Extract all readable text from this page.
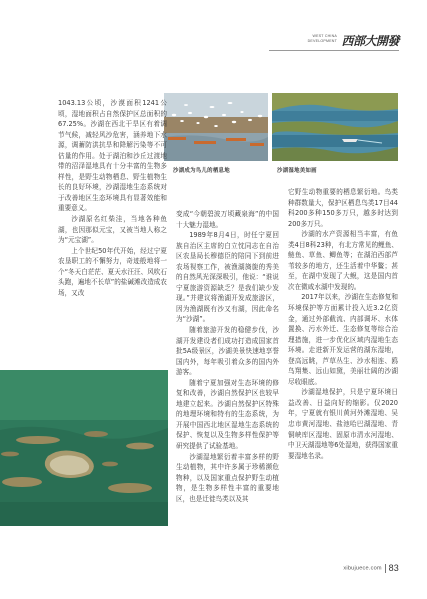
WEST CHINA
DEVELOPMENT 西部大開發
沙湖成为鸟儿的栖息地	沙湖湿地美如画

1043.13公顷，沙漠面积1241公顷，湿地面积占自然保护区总面积的67.25%。沙湖在西北干旱区有着调节气候，减轻风沙危害，涵养地下水源，调蓄防洪抗旱和降解污染等不可估量的作用。处于湖泊和沙丘过渡地带的沼泽湿地具有十分丰富的生物多样性，是野生动物栖息、野生植物生长的良好环境，沙湖湿地生态系统对于改善地区生态环境具有显著效能和重要意义。

沙湖原名红柴洼，当地各种鱼湖，也因那似元宝，又被当地人称之为“元宝湖”。

上个世纪50年代开始，经过宁夏农垦职工的不懈努力，奇迹般地将一个“冬天白茫茫、夏天水汪汪、风吹石头跑，遍地不长草”的盐碱滩改造成农场，又改

变成“今朝碧波万顷藏泉海”的中国十大魅力湿地。

1989年8月4日，时任宁夏回族自治区主席的白立忱同志在自治区农垦局长穆德臣的陪同下到前进农场视察工作，被渔湖旖旎的秀美的自然风光深深吸引，他说：“谁说宁夏旅游资源缺乏？是我们缺少发现。”并建议将渔湖开发成旅游区，因为渔湖既有沙又有湖，因此命名为“沙湖”。

随着旅游开发的稳健步伐，沙湖开发建设者们成功打造成国家首批5A级景区，沙湖美景快速地享誉国内外，每年吸引着众多的国内外游客。

随着宁夏加强对生态环境的修复和改善，沙湖自然保护区也较早地建立起来。沙湖自然保护区特殊的地理环境和特有的生态系统，为开展中国西北地区湿地生态系统的保护、恢复以及生物多样性保护等研究提供了试验基地。

沙湖湿地繁衍着丰富多样的野生动植物，其中许多属于珍稀濒危物种，以及国家重点保护野生动植物，是生物多样性丰富的重要地区，也是迁徙鸟类以及其

它野生动物重要的栖息繁衍地。鸟类种群数量大，保护区栖息鸟类17目44科200多种150多万只，越多时达到200多万只。

沙湖的水产资源相当丰富，有鱼类4目8科23种，有北方常见的鲤鱼、鲢鱼、草鱼、鲫鱼等；在湖泊西部芦苇较多的地方，还生活着中华鳖；甚至，在湖中发现了大鲵，这是国内首次在微咸水湖中发现的。

2017年以来，沙湖在生态修复和环境保护等方面累计投入近3.2亿资金，通过外部截流、内部调坏、水体置换、污水外迁、生态修复等综合治理措施，进一步优化区域内湿地生态环境。走进新开发运营的湖东湿地，登高远眺，芦草丛生、沙水相连、鸥鸟翔集、远山如黛，美丽壮阔的沙湖尽收眼底。

沙湖湿地保护，只是宁夏环境日益改善、日益向好的缩影。仅2020年，宁夏就有银川黄河外滩湿地、吴忠市黄河湿地、盐池哈巴湖湿地、青铜峡库区湿地、固原市清水河湿地、中卫天湖湿地等6处湿地，获得国家重要湿地名录。

xibujuece.com 83
